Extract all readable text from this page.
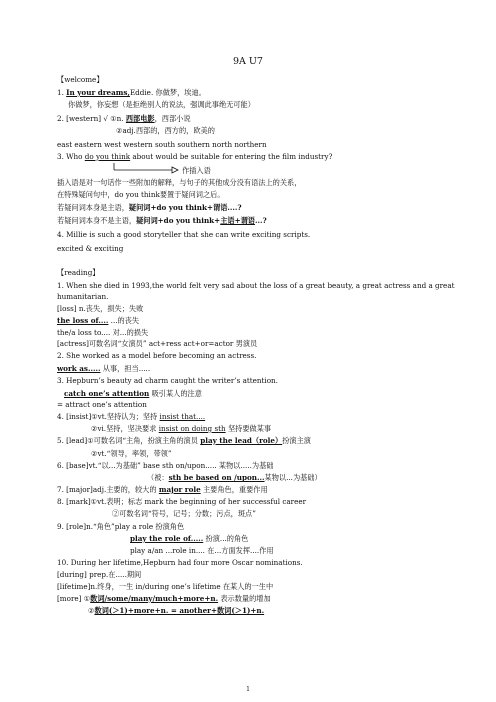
9A U7
【welcome】
1. In your dreams,Eddie. 你做梦，埃迪。
你做梦，你妄想（是拒绝别人的说法，强调此事绝无可能）
2. [western] √ ①n. 西部电影，西部小说
②adj.西部的，西方的，欧美的
east eastern west western south southern north northern
3. Who do you think about would be suitable for entering the film industry?
作插入语
插入语是对一句话作一些附加的解释，与句子的其他成分没有语法上的关系，
在特殊疑问句中，do you think要置于疑问词之后。
若疑问词本身是主语，疑问词+do you think+谓语....?
若疑问词本身不是主语，疑问词+do you think+主语+谓语...?
4. Millie is such a good storyteller that she can write exciting scripts.
excited & exciting
【reading】
1. When she died in 1993,the world felt very sad about the loss of a great beauty, a great actress and a great
humanitarian.
[loss] n.丧失，损失；失败
the loss of.... ...的丧失
the/a loss to.... 对...的损失
[actress]可数名词“女演员” act+ress act+or=actor 男演员
2. She worked as a model before becoming an actress.
work as..... 从事，担当.....
3. Hepburn’s beauty ad charm caught the writer’s attention.
catch one’s attention 吸引某人的注意
= attract one’s attention
4. [insist]①vt.坚持认为；坚持 insist that....
②vi.坚持，坚决要求 insist on doing sth 坚持要做某事
5. [lead]①可数名词“主角，扮演主角的演员 play the lead（role）扮演主演
②vt.“领导，率领，带领”
6. [base]vt.“以...为基础” base sth on/upon..... 某物以.....为基础
（被：sth be based on /upon...某物以...为基础）
7. [major]adj.主要的，较大的 major role 主要角色，重要作用
8. [mark]①vt.表明；标志 mark the beginning of her successful career
②可数名词“符号，记号；分数；污点，斑点”
9. [role]n.“角色”play a role 扮演角色
play the role of..... 扮演...的角色
play a/an ...role in.... 在...方面发挥....作用
10. During her lifetime,Hepburn had four more Oscar nominations.
[during] prep.在.....期间
[lifetime]n.终身，一生 in/during one’s lifetime 在某人的一生中
[more] ①数词/some/many/much+more+n. 表示数量的增加
②数词(＞1)+more+n. = another+数词(＞1)+n.
1
